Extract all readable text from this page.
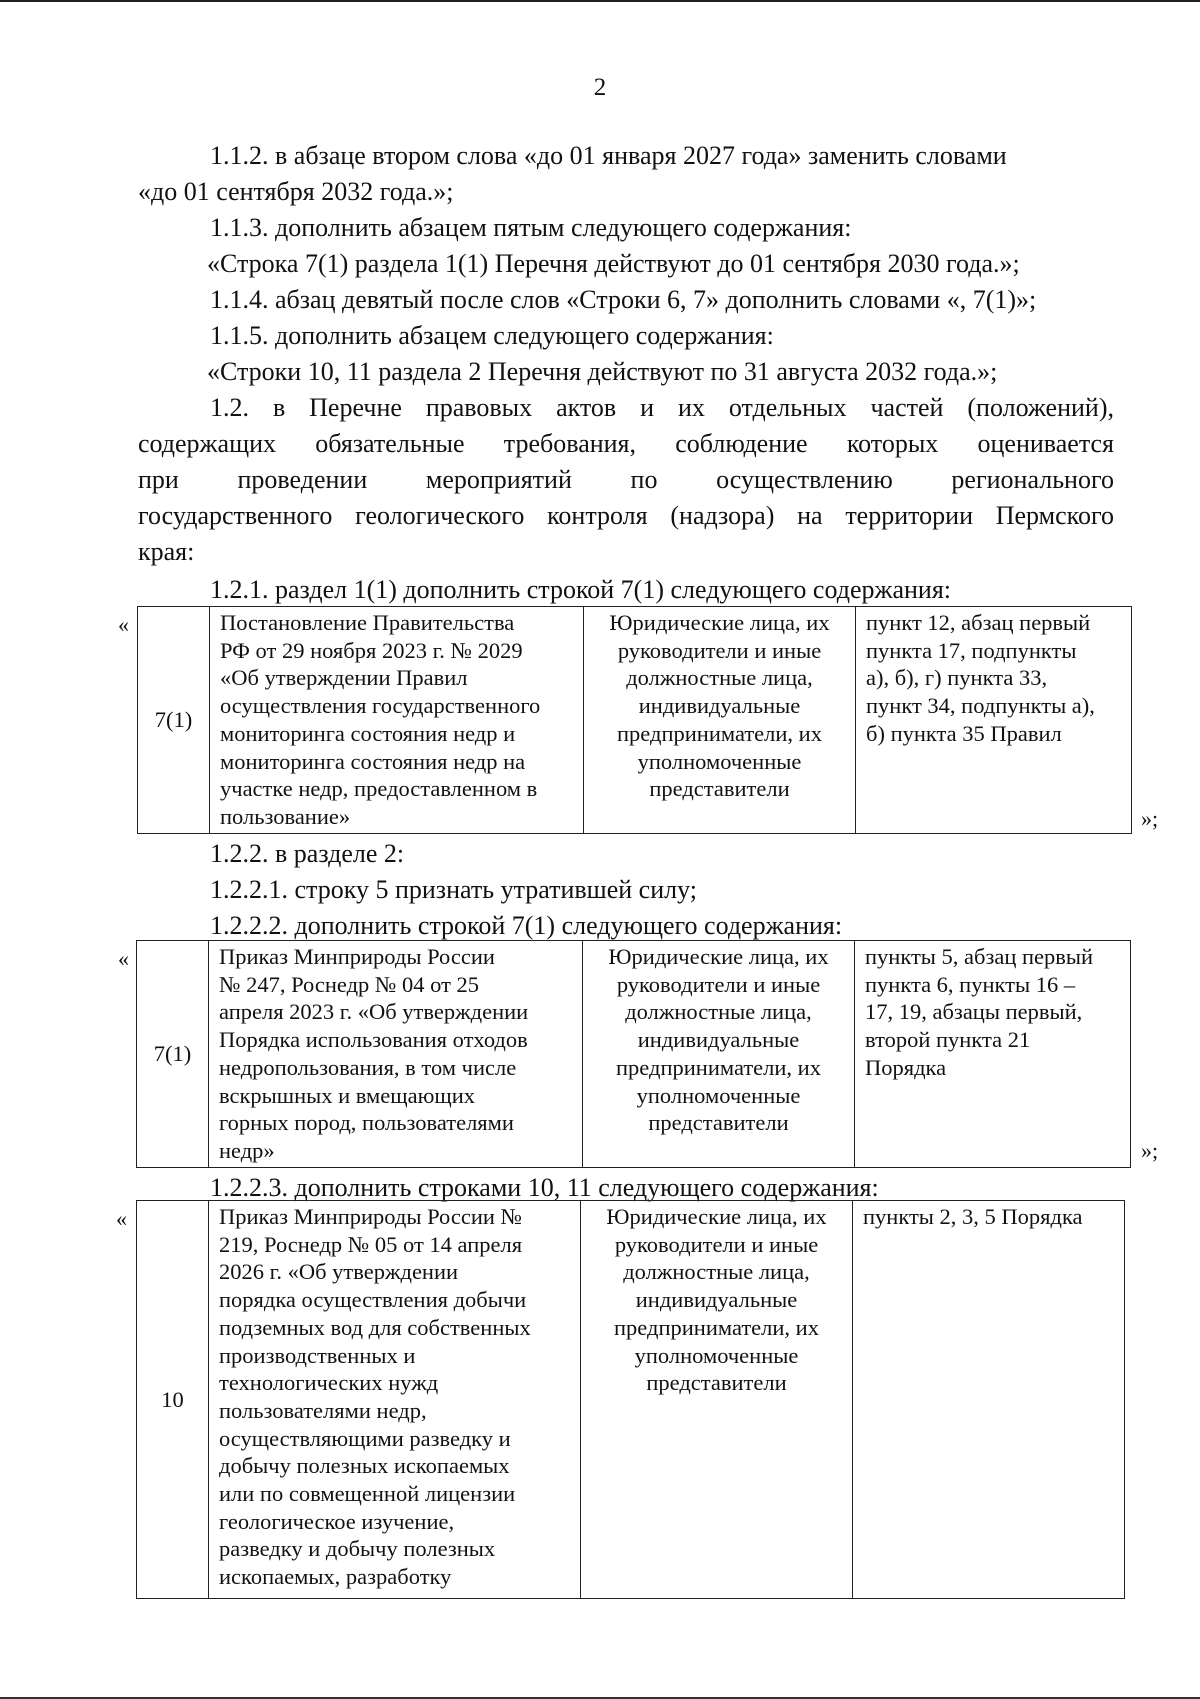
2
1.1.2. в абзаце втором слова «до 01 января 2027 года» заменить словами
«до 01 сентября 2032 года.»;
1.1.3. дополнить абзацем пятым следующего содержания:
«Строка 7(1) раздела 1(1) Перечня действуют до 01 сентября 2030 года.»;
1.1.4. абзац девятый после слов «Строки 6, 7» дополнить словами «, 7(1)»;
1.1.5. дополнить абзацем следующего содержания:
«Строки 10, 11 раздела 2 Перечня действуют по 31 августа 2032 года.»;
1.2. в Перечне правовых актов и их отдельных частей (положений),
содержащих обязательные требования, соблюдение которых оценивается
при проведении мероприятий по осуществлению регионального
государственного геологического контроля (надзора) на территории Пермского
края:
1.2.1. раздел 1(1) дополнить строкой 7(1) следующего содержания:
«
7(1)	Постановление Правительства
РФ от 29 ноября 2023 г. № 2029
«Об утверждении Правил
осуществления государственного
мониторинга состояния недр и
мониторинга состояния недр на
участке недр, предоставленном в
пользование»	Юридические лица, их
руководители и иные
должностные лица,
индивидуальные
предприниматели, их
уполномоченные
представители	пункт 12, абзац первый
пункта 17, подпункты
а), б), г) пункта 33,
пункт 34, подпункты а),
б) пункта 35 Правил
»;
1.2.2. в разделе 2:
1.2.2.1. строку 5 признать утратившей силу;
1.2.2.2. дополнить строкой 7(1) следующего содержания:
«
7(1)	Приказ Минприроды России
№ 247, Роснедр № 04 от 25
апреля 2023 г. «Об утверждении
Порядка использования отходов
недропользования, в том числе
вскрышных и вмещающих
горных пород, пользователями
недр»	Юридические лица, их
руководители и иные
должностные лица,
индивидуальные
предприниматели, их
уполномоченные
представители	пункты 5, абзац первый
пункта 6, пункты 16 –
17, 19, абзацы первый,
второй пункта 21
Порядка
»;
1.2.2.3. дополнить строками 10, 11 следующего содержания:
«
10	Приказ Минприроды России №
219, Роснедр № 05 от 14 апреля
2026 г. «Об утверждении
порядка осуществления добычи
подземных вод для собственных
производственных и
технологических нужд
пользователями недр,
осуществляющими разведку и
добычу полезных ископаемых
или по совмещенной лицензии
геологическое изучение,
разведку и добычу полезных
ископаемых, разработку	Юридические лица, их
руководители и иные
должностные лица,
индивидуальные
предприниматели, их
уполномоченные
представители	пункты 2, 3, 5 Порядка
